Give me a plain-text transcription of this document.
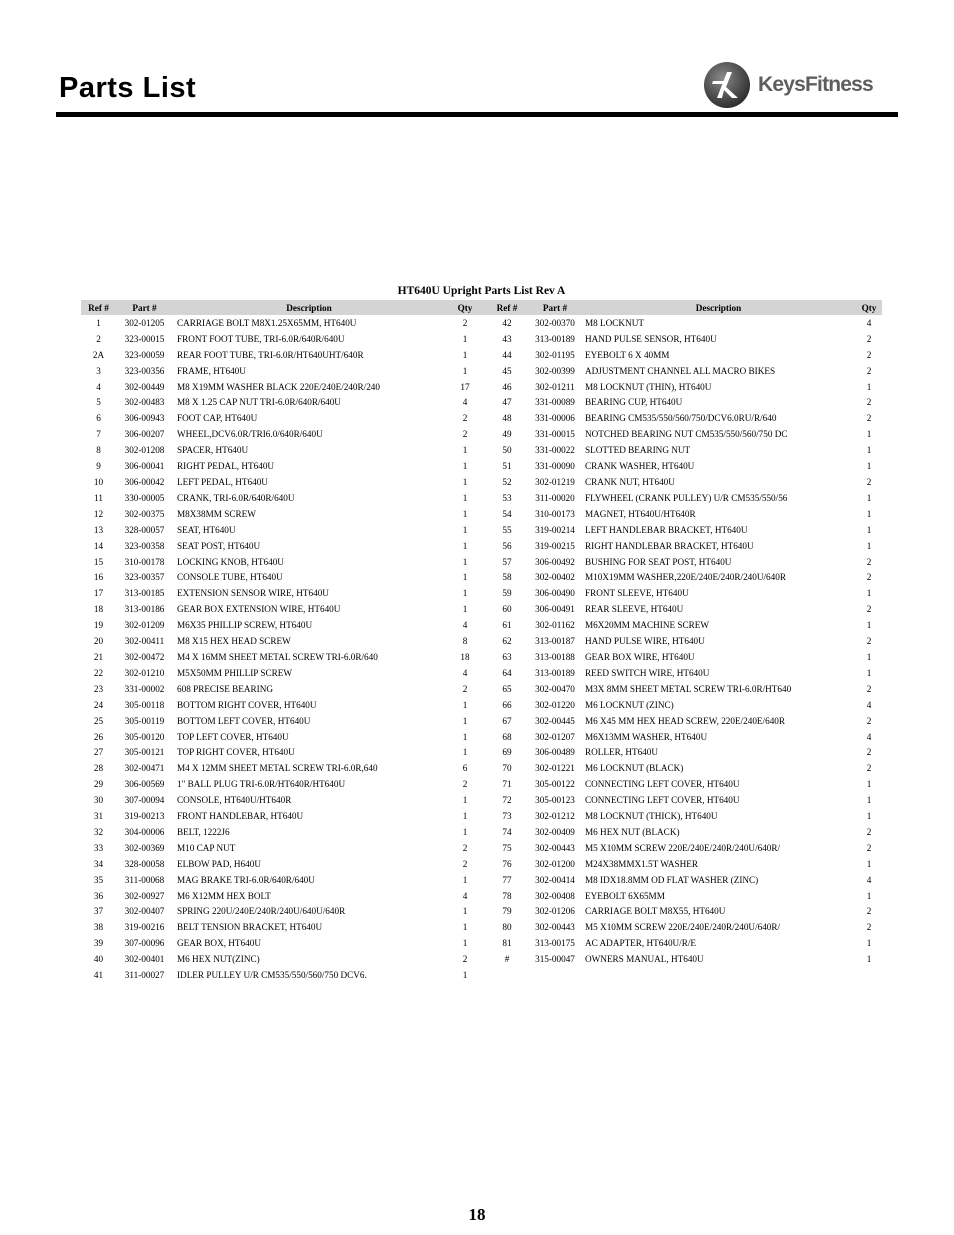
Parts List	KeysFitness
HT640U Upright Parts List Rev A
Ref #	Part #	Description	Qty	Ref #	Part #	Description	Qty
1	302-01205	CARRIAGE BOLT M8X1.25X65MM, HT640U	2	42	302-00370	M8 LOCKNUT	4
2	323-00015	FRONT FOOT TUBE, TRI-6.0R/640R/640U	1	43	313-00189	HAND PULSE SENSOR, HT640U	2
2A	323-00059	REAR FOOT TUBE, TRI-6.0R/HT640UHT/640R	1	44	302-01195	EYEBOLT 6 X 40MM	2
3	323-00356	FRAME, HT640U	1	45	302-00399	ADJUSTMENT CHANNEL ALL MACRO BIKES	2
4	302-00449	M8 X19MM WASHER BLACK 220E/240E/240R/240	17	46	302-01211	M8 LOCKNUT (THIN), HT640U	1
5	302-00483	M8 X 1.25 CAP NUT TRI-6.0R/640R/640U	4	47	331-00089	BEARING CUP, HT640U	2
6	306-00943	FOOT CAP, HT640U	2	48	331-00006	BEARING CM535/550/560/750/DCV6.0RU/R/640	2
7	306-00207	WHEEL,DCV6.0R/TRI6.0/640R/640U	2	49	331-00015	NOTCHED BEARING NUT CM535/550/560/750 DC	1
8	302-01208	SPACER, HT640U	1	50	331-00022	SLOTTED BEARING NUT	1
9	306-00041	RIGHT PEDAL, HT640U	1	51	331-00090	CRANK WASHER, HT640U	1
10	306-00042	LEFT PEDAL, HT640U	1	52	302-01219	CRANK NUT, HT640U	2
11	330-00005	CRANK, TRI-6.0R/640R/640U	1	53	311-00020	FLYWHEEL (CRANK PULLEY) U/R CM535/550/56	1
12	302-00375	M8X38MM SCREW	1	54	310-00173	MAGNET, HT640U/HT640R	1
13	328-00057	SEAT, HT640U	1	55	319-00214	LEFT HANDLEBAR BRACKET, HT640U	1
14	323-00358	SEAT POST, HT640U	1	56	319-00215	RIGHT HANDLEBAR BRACKET, HT640U	1
15	310-00178	LOCKING KNOB, HT640U	1	57	306-00492	BUSHING FOR SEAT POST, HT640U	2
16	323-00357	CONSOLE TUBE, HT640U	1	58	302-00402	M10X19MM WASHER,220E/240E/240R/240U/640R	2
17	313-00185	EXTENSION SENSOR WIRE, HT640U	1	59	306-00490	FRONT SLEEVE, HT640U	1
18	313-00186	GEAR BOX EXTENSION WIRE, HT640U	1	60	306-00491	REAR SLEEVE, HT640U	2
19	302-01209	M6X35 PHILLIP SCREW, HT640U	4	61	302-01162	M6X20MM MACHINE SCREW	1
20	302-00411	M8 X15 HEX HEAD SCREW	8	62	313-00187	HAND PULSE WIRE, HT640U	2
21	302-00472	M4 X 16MM SHEET METAL SCREW TRI-6.0R/640	18	63	313-00188	GEAR BOX WIRE, HT640U	1
22	302-01210	M5X50MM PHILLIP SCREW	4	64	313-00189	REED SWITCH WIRE, HT640U	1
23	331-00002	608 PRECISE BEARING	2	65	302-00470	M3X 8MM SHEET METAL SCREW TRI-6.0R/HT640	2
24	305-00118	BOTTOM RIGHT COVER, HT640U	1	66	302-01220	M6 LOCKNUT (ZINC)	4
25	305-00119	BOTTOM LEFT COVER, HT640U	1	67	302-00445	M6 X45 MM HEX HEAD SCREW, 220E/240E/640R	2
26	305-00120	TOP LEFT COVER, HT640U	1	68	302-01207	M6X13MM WASHER, HT640U	4
27	305-00121	TOP RIGHT COVER, HT640U	1	69	306-00489	ROLLER, HT640U	2
28	302-00471	M4 X 12MM SHEET METAL SCREW TRI-6.0R,640	6	70	302-01221	M6 LOCKNUT (BLACK)	2
29	306-00569	1" BALL PLUG TRI-6.0R/HT640R/HT640U	2	71	305-00122	CONNECTING LEFT COVER, HT640U	1
30	307-00094	CONSOLE, HT640U/HT640R	1	72	305-00123	CONNECTING LEFT COVER, HT640U	1
31	319-00213	FRONT HANDLEBAR, HT640U	1	73	302-01212	M8 LOCKNUT (THICK), HT640U	1
32	304-00006	BELT, 1222J6	1	74	302-00409	M6 HEX NUT (BLACK)	2
33	302-00369	M10 CAP NUT	2	75	302-00443	M5 X10MM SCREW 220E/240E/240R/240U/640R/	2
34	328-00058	ELBOW PAD, H640U	2	76	302-01200	M24X38MMX1.5T WASHER	1
35	311-00068	MAG BRAKE TRI-6.0R/640R/640U	1	77	302-00414	M8 IDX18.8MM OD FLAT WASHER (ZINC)	4
36	302-00927	M6 X12MM HEX BOLT	4	78	302-00408	EYEBOLT 6X65MM	1
37	302-00407	SPRING 220U/240E/240R/240U/640U/640R	1	79	302-01206	CARRIAGE BOLT M8X55, HT640U	2
38	319-00216	BELT TENSION BRACKET, HT640U	1	80	302-00443	M5 X10MM SCREW 220E/240E/240R/240U/640R/	2
39	307-00096	GEAR BOX, HT640U	1	81	313-00175	AC ADAPTER, HT640U/R/E	1
40	302-00401	M6 HEX NUT(ZINC)	2	#	315-00047	OWNERS MANUAL, HT640U	1
41	311-00027	IDLER PULLEY U/R CM535/550/560/750 DCV6.	1				
18
